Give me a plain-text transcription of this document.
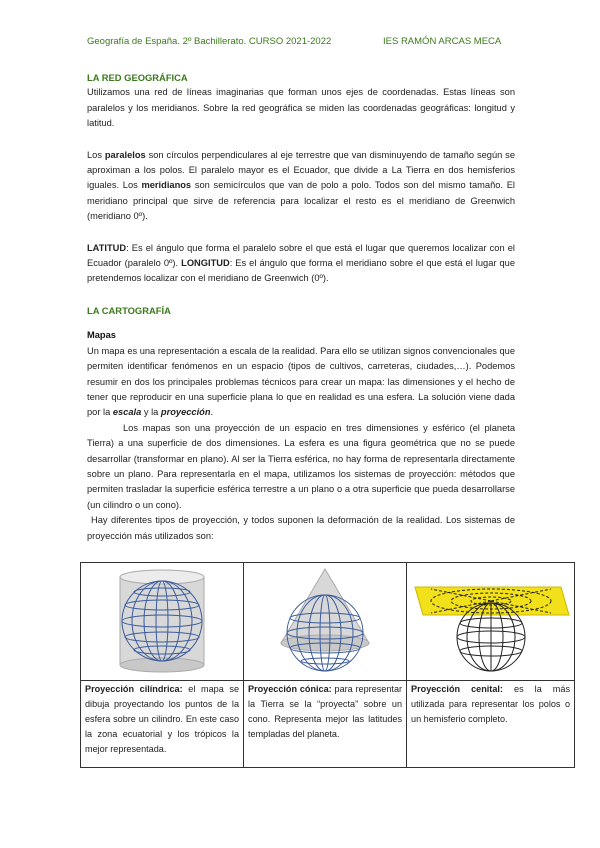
Geografía de España. 2º Bachillerato. CURSO 2021-2022	IES RAMÓN ARCAS MECA

LA RED GEOGRÁFICA

Utilizamos una red de líneas imaginarias que forman unos ejes de coordenadas. Estas líneas son paralelos y los meridianos. Sobre la red geográfica se miden las coordenadas geográficas: longitud y latitud.

Los paralelos son círculos perpendiculares al eje terrestre que van disminuyendo de tamaño según se aproximan a los polos. El paralelo mayor es el Ecuador, que divide a La Tierra en dos hemisferios iguales. Los meridianos son semicírculos que van de polo a polo. Todos son del mismo tamaño. El meridiano principal que sirve de referencia para localizar el resto es el meridiano de Greenwich (meridiano 0º).

LATITUD: Es el ángulo que forma el paralelo sobre el que está el lugar que queremos localizar con el Ecuador (paralelo 0º). LONGITUD: Es el ángulo que forma el meridiano sobre el que está el lugar que pretendemos localizar con el meridiano de Greenwich (0º).

LA CARTOGRAFÍA

Mapas

Un mapa es una representación a escala de la realidad. Para ello se utilizan signos convencionales que permiten identificar fenómenos en un espacio (tipos de cultivos, carreteras, ciudades,…). Podemos resumir en dos los principales problemas técnicos para crear un mapa: las dimensiones y el hecho de tener que reproducir en una superficie plana lo que en realidad es una esfera. La solución viene dada por la escala y la proyección.

Los mapas son una proyección de un espacio en tres dimensiones y esférico (el planeta Tierra) a una superficie de dos dimensiones. La esfera es una figura geométrica que no se puede desarrollar (transformar en plano). Al ser la Tierra esférica, no hay forma de representarla directamente sobre un plano. Para representarla en el mapa, utilizamos los sistemas de proyección: métodos que permiten trasladar la superficie esférica terrestre a un plano o a otra superficie que pueda desarrollarse (un cilindro o un cono).

Hay diferentes tipos de proyección, y todos suponen la deformación de la realidad. Los sistemas de proyección más utilizados son:

Proyección cilíndrica: el mapa se dibuja proyectando los puntos de la esfera sobre un cilindro. En este caso la zona ecuatorial y los trópicos la mejor representada.	Proyección cónica: para representar la Tierra se la “proyecta” sobre un cono. Representa mejor las latitudes templadas del planeta.	Proyección cenital: es la más utilizada para representar los polos o un hemisferio completo.
